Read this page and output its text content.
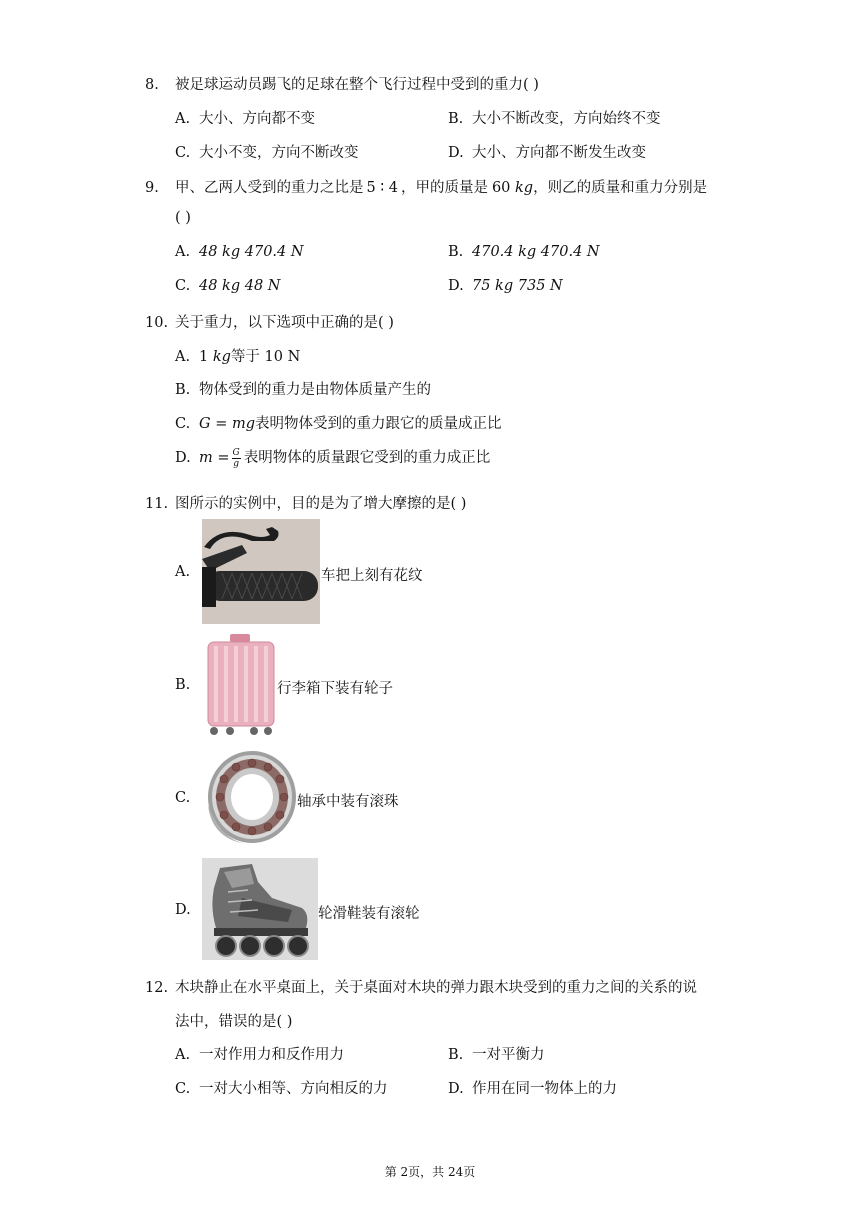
8. 被足球运动员踢飞的足球在整个飞行过程中受到的重力( )
A. 大小、方向都不变	B. 大小不断改变，方向始终不变
C. 大小不变，方向不断改变	D. 大小、方向都不断发生改变
9. 甲、乙两人受到的重力之比是 5 ∶ 4 ，甲的质量是 60 kg，则乙的质量和重力分别是
( )
A. 48 kg 470.4 N	B. 470.4 kg 470.4 N
C. 48 kg 48 N	D. 75 kg 735 N
10. 关于重力，以下选项中正确的是( )
A. 1 kg等于 10 N
B. 物体受到的重力是由物体质量产生的
C. G = mg表明物体受到的重力跟它的质量成正比
D. $m = \frac{G}{g}$ 表明物体的质量跟它受到的重力成正比
11. 图所示的实例中，目的是为了增大摩擦的是( )
A.	车把上刻有花纹
B.	行李箱下装有轮子
C.	轴承中装有滚珠
D.	轮滑鞋装有滚轮
12. 木块静止在水平桌面上，关于桌面对木块的弹力跟木块受到的重力之间的关系的说
法中，错误的是( )
A. 一对作用力和反作用力	B. 一对平衡力
C. 一对大小相等、方向相反的力	D. 作用在同一物体上的力
第 2页，共 24页
